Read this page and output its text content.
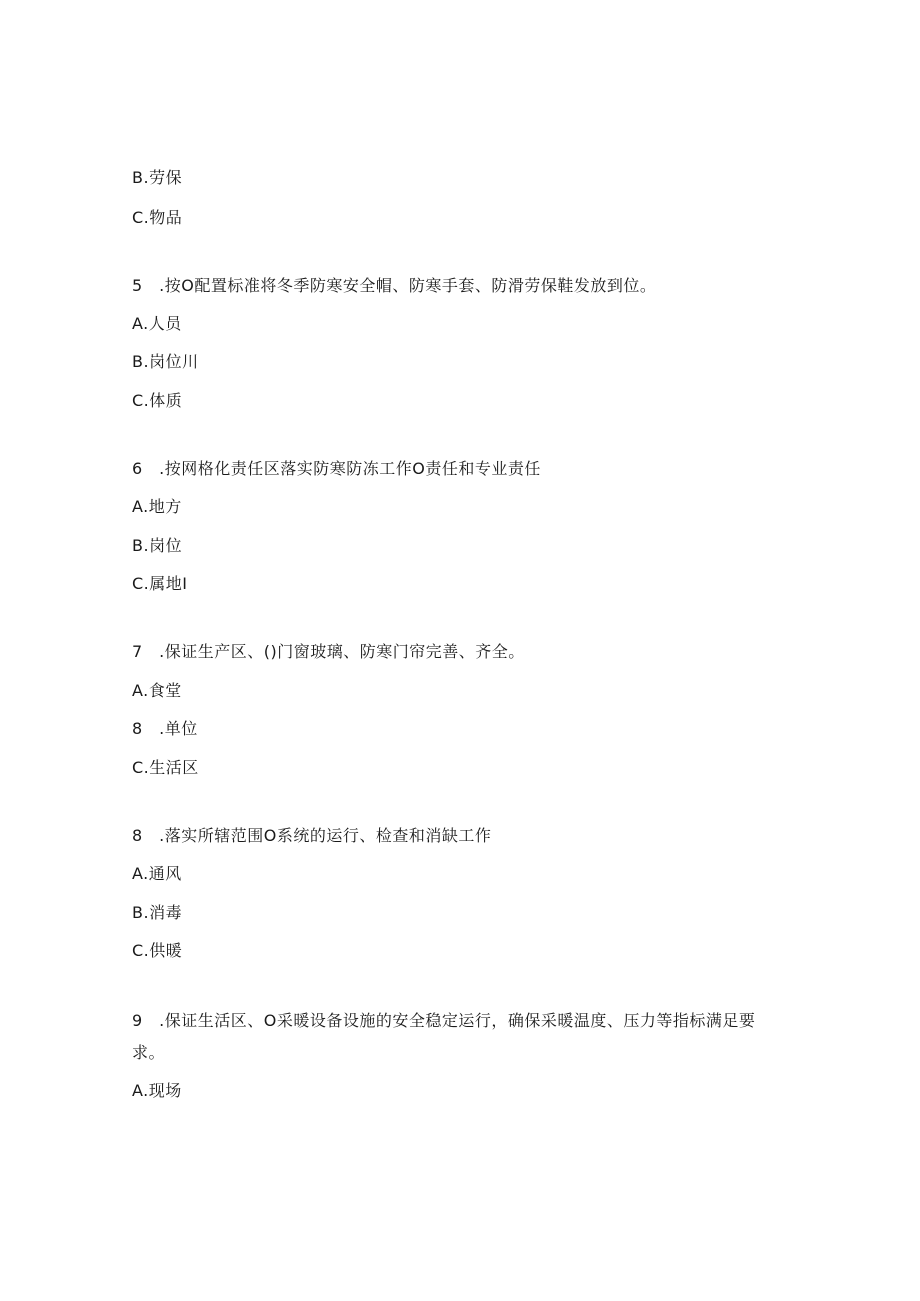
B.劳保
C.物品
5　.按O配置标准将冬季防寒安全帽、防寒手套、防滑劳保鞋发放到位。
A.人员
B.岗位川
C.体质
6　.按网格化责任区落实防寒防冻工作O责任和专业责任
A.地方
B.岗位
C.属地I
7　.保证生产区、()门窗玻璃、防寒门帘完善、齐全。
A.食堂
8　.单位
C.生活区
8　.落实所辖范围O系统的运行、检查和消缺工作
A.通风
B.消毒
C.供暖
9　.保证生活区、O采暖设备设施的安全稳定运行，确保采暖温度、压力等指标满足要
求。
A.现场
